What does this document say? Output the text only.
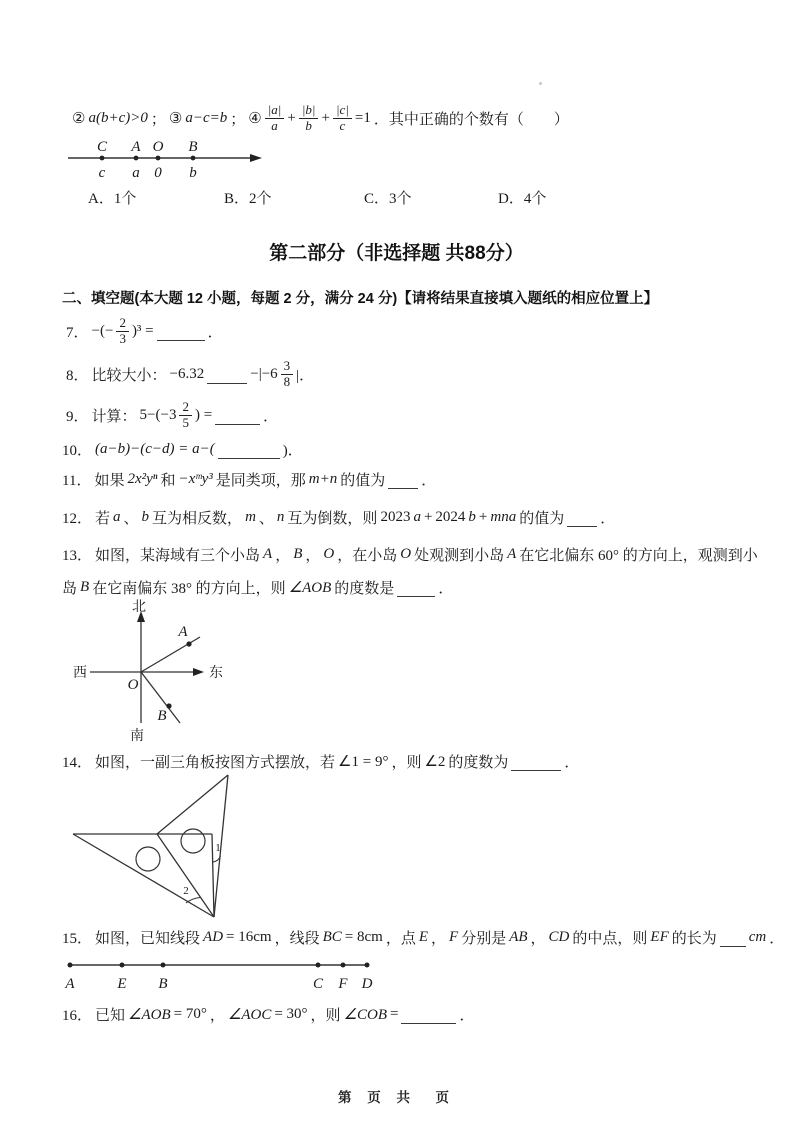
② a(b+c)>0 ； ③ a−c=b ； ④ $\frac{|a|}{a} + \frac{|b|}{b} + \frac{|c|}{c} =1$ ．其中正确的个数有（　　）
C A O B
c a 0 b
A．1个	B．2个	C．3个	D．4个
第二部分（非选择题 共88分）
二、填空题(本大题 12 小题，每题 2 分，满分 24 分)【请将结果直接填入题纸的相应位置上】
7． −(− $\frac{2}{3} )^3$ =	．
8． 比较大小： −6.32	$-|-6 \frac{3}{8}$ |．
9． 计算： $5-(-3 \frac{2}{5}$ ) =	．
10． (a−b)−(c−d) = a−(	)．
11． 如果 2x²yⁿ 和 −xᵐy³ 是同类项，那 m+n 的值为 ．
12． 若 a 、 b 互为相反数， m 、 n 互为倒数，则 2023 a + 2024 b + mna 的值为 ．
13． 如图，某海域有三个小岛 A ， B ， O ，在小岛 O 处观测到小岛 A 在它北偏东 60° 的方向上，观测到小
岛 B 在它南偏东 38° 的方向上，则 ∠AOB 的度数是	．
北
南
西	东
O
A
B
14． 如图，一副三角板按图方式摆放，若 ∠1 = 9° ，则 ∠2 的度数为	．
1
2
15． 如图，已知线段 AD = 16cm ，线段 BC = 8cm ，点 E ， F 分别是 AB ， CD 的中点，则 EF 的长为 cm ．
A	E B	C F D
16． 已知 ∠AOB = 70° ， ∠AOC = 30° ，则 ∠COB =	．
第 页 共  页
